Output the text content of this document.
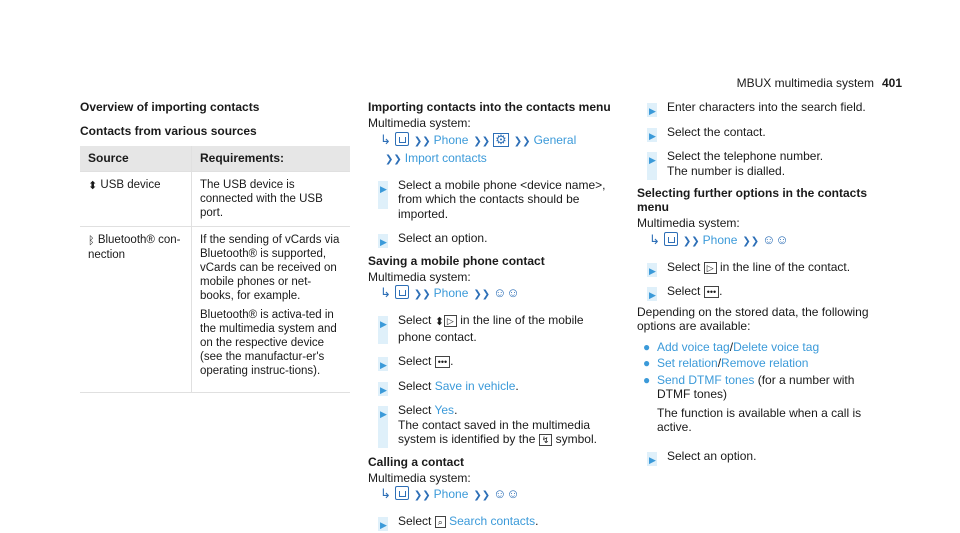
MBUX multimedia system 401
Overview of importing contacts
Contacts from various sources
Source	Requirements:
⬍ USB device	The USB device is connected with the USB port.
ᛒ Bluetooth® con-nection	If the sending of vCards via Bluetooth® is supported, vCards can be received on mobile phones or net-books, for example.
Bluetooth® is activa-ted in the multimedia system and on the respective device (see the manufactur-er's operating instruc-tions).
Importing contacts into the contacts menu
Multimedia system:
↳ ❯❯ Phone ❯❯ ⚙ ❯❯ General
❯❯ Import contacts
▶ Select a mobile phone <device name>, from which the contacts should be imported.
▶ Select an option.
Saving a mobile phone contact
Multimedia system:
↳ ❯❯ Phone ❯❯ ☺☺
▶ Select ⬍ ▷ in the line of the mobile phone contact.
▶ Select ••• .
▶ Select Save in vehicle.
▶ Select Yes.
The contact saved in the multimedia system is identified by the ↯ symbol.
Calling a contact
Multimedia system:
↳ ❯❯ Phone ❯❯ ☺☺
▶ Select ⌕ Search contacts.
▶ Enter characters into the search field.
▶ Select the contact.
▶ Select the telephone number.
The number is dialled.
Selecting further options in the contacts menu
Multimedia system:
↳ ❯❯ Phone ❯❯ ☺☺
▶ Select ▷ in the line of the contact.
▶ Select ••• .
Depending on the stored data, the following options are available:
● Add voice tag/Delete voice tag
● Set relation/Remove relation
● Send DTMF tones (for a number with DTMF tones)
The function is available when a call is active.
▶ Select an option.
